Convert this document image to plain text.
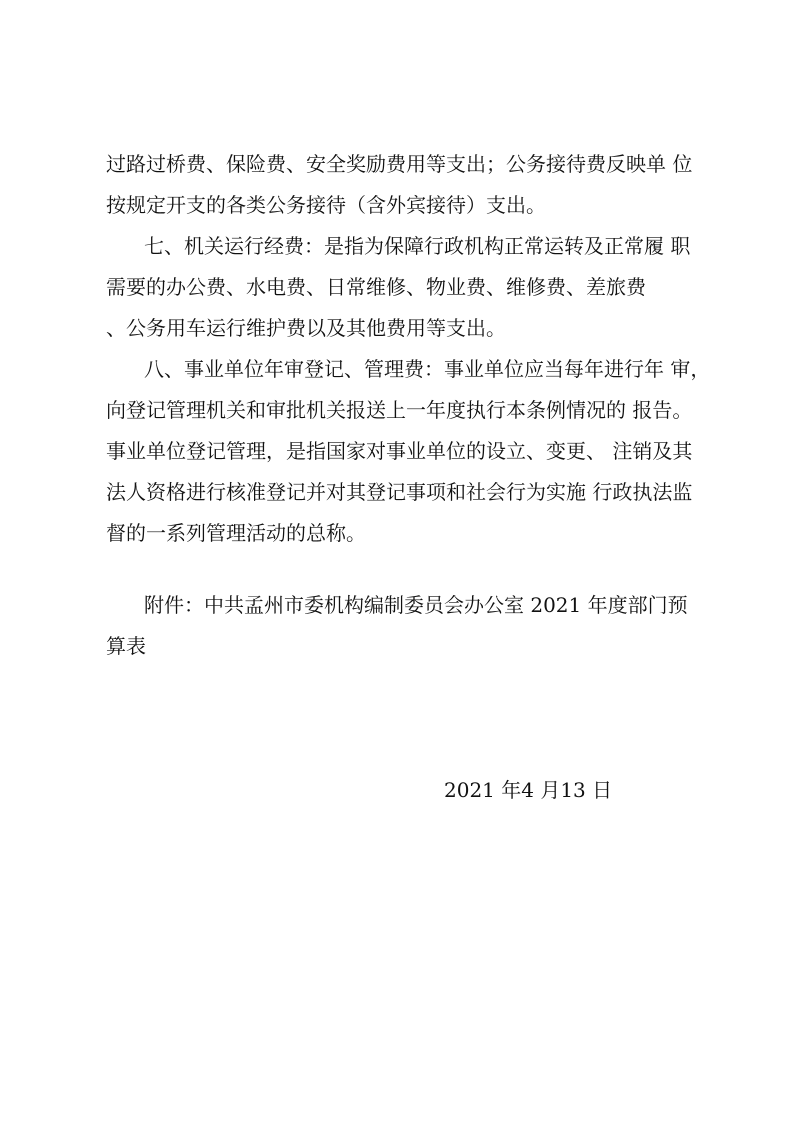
过路过桥费、保险费、安全奖励费用等支出；公务接待费反映单 位

按规定开支的各类公务接待（含外宾接待）支出。

七、机关运行经费：是指为保障行政机构正常运转及正常履 职

需要的办公费、水电费、日常维修、物业费、维修费、差旅费

、公务用车运行维护费以及其他费用等支出。

八、事业单位年审登记、管理费：事业单位应当每年进行年 审，

向登记管理机关和审批机关报送上一年度执行本条例情况的 报告。

事业单位登记管理，是指国家对事业单位的设立、变更、 注销及其

法人资格进行核准登记并对其登记事项和社会行为实施 行政执法监

督的一系列管理活动的总称。

附件：中共孟州市委机构编制委员会办公室 2021 年度部门预

算表

2021 年4 月13 日
